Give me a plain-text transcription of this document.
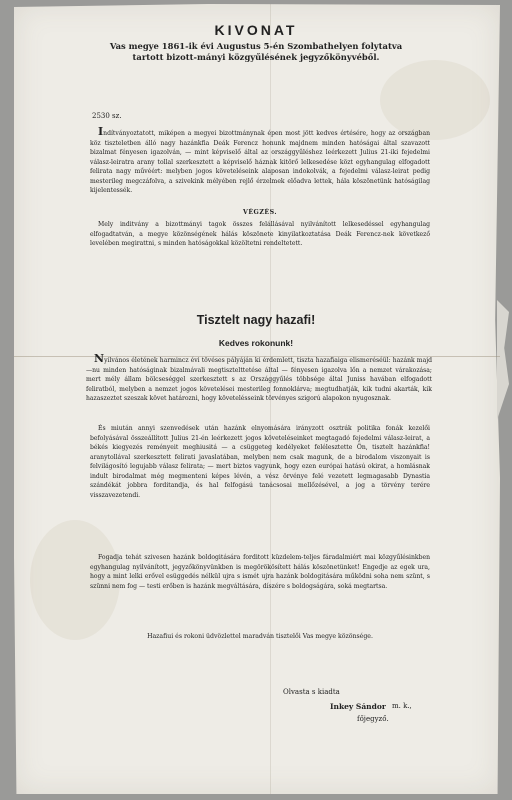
KIVONAT
Vas megye 1861-ik évi Augustus 5-én Szombathelyen folytatva tartott bizott-mányi közgyűlésének jegyzőkönyvéből.
2530 sz.
Indítványoztatott, miképen a megyei bizottmánynak épen most jött kedves értésére, hogy az országban köz tiszteletben álló nagy hazánkfia Deák Ferencz honunk majdnem minden hatóságai által szavazott bizalmat fényesen igazolván, — mint képviselő által az országgyűléshez leérkezett Julius 21-iki fejedelmi válasz-leiratra arany tollal szerkesztett a képviselő háznak kitörő lelkesedése közt egyhangulag elfogadott felirata nagy művéért: melyben jogos követeléseink alaposan indokolvák, a fejedelmi válasz-leirat pedig mesterileg megczáfolva, a szivekink mélyében rejlő érzelmek előadva lettek, hála köszönetünk hatóságilag kijelentessék.
VÉGZÉS.
Mely inditvány a bizottmányi tagok összes felállásával nyilvánított lelkesedéssel egyhangulag elfogadtatván, a megye közönségének hálás köszönete kinyilatkoztatása Deák Ferencz-nek következő levelében megirattni, s minden hatóságokkal közöltetni rendeltetett.
Tisztelt nagy hazafi!
Kedves rokonunk!
Nyilvános életének harmincz évi tövéses pályáján ki érdemlett, tiszta hazafiaiga elismeréséül: hazánk majd —nu minden hatóságinak bizalmávali megtisztelttetése által — fényesen igazolva lőn a nemzet várakozása; mert mély állam bölcseséggel szerkesztett s az Országgyűlés többsége által Juniss havában elfogadott feliratból, melyben a nemzet jogos követelései mesterileg fonnoklárva; megtudhatják, kik tudni akarták, kik hazaszeztet szeszak követ határozni, hogy követelésseink törvényes szigorú alapokon nyugosznak.
És miután annyi szenvedések után hazánk elnyomására irányzott osztrák politika fonák kezelői befolyásával összeállított Julius 21-én leérkezett jogos követeléseinket megtagadó fejedelmi válasz-leirat, a békés kiegyezés reményeit meghiusitá — a csüggeteg kedélyeket felélesztette Ön, tisztelt hazánkfia! aranytollával szerkesztett felirati javaslatában, melyben nem csak magunk, de a birodalom viszonyait is felvilágosító legujabb válasz felirata; — mert biztos vagyunk, hogy ezen európai hatású okirat, a homlásnak indult birodalmat még megmenteni képes lévén, a vész örvénye felé vezetett legmagasabb Dynastia szándékát jobbra forditandja, és hal felfogású tanácsosai mellőzésével, a jog a törvény terére visszavezetendi.
Fogadja tehát szivesen hazánk boldogitására forditott küzdelem-teljes fáradalmiért mai közgyűlésinkben egyhangulag nyilvánított, jegyzőkönyvünkben is megörökösített hálás köszönetünket! Engedje az egek ura, hogy a mint lelki erővel esüggedés nélkül ujra s ismét ujra hazánk boldogitására működni soha nem szünt, s szünni nem fog — testi erőben is hazánk megváltására, díszére s boldogságára, soká megtartsa.
Hazafiui és rokoni üdvözlettel maradván tisztelői Vas megye közönsége.
Olvasta s kiadta
Inkey Sándor m. k.,
főjegyző.
